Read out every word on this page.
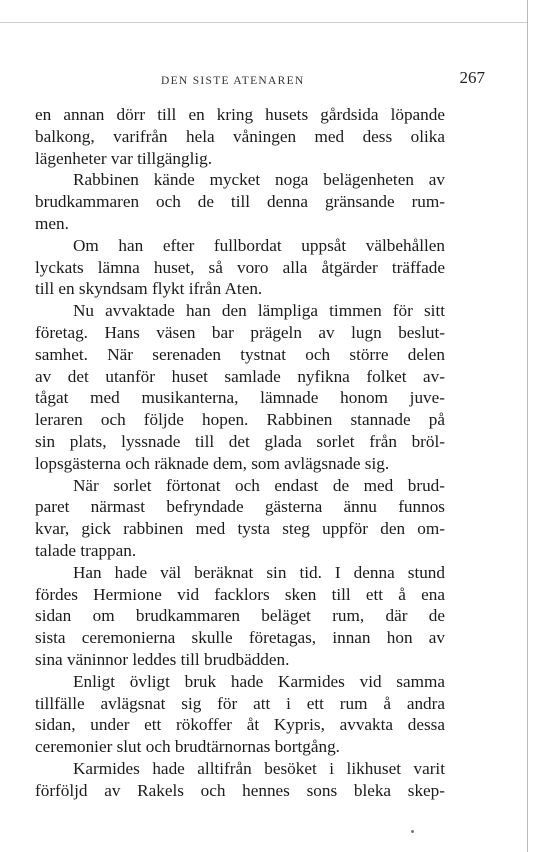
DEN SISTE ATENAREN	267
en annan dörr till en kring husets gårdsida löpande
balkong, varifrån hela våningen med dess olika
lägenheter var tillgänglig.
Rabbinen kände mycket noga belägenheten av
brudkammaren och de till denna gränsande rum-
men.
Om han efter fullbordat uppsåt välbehållen
lyckats lämna huset, så voro alla åtgärder träffade
till en skyndsam flykt ifrån Aten.
Nu avvaktade han den lämpliga timmen för sitt
företag. Hans väsen bar prägeln av lugn beslut-
samhet. När serenaden tystnat och större delen
av det utanför huset samlade nyfikna folket av-
tågat med musikanterna, lämnade honom juve-
leraren och följde hopen. Rabbinen stannade på
sin plats, lyssnade till det glada sorlet från bröl-
lopsgästerna och räknade dem, som avlägsnade sig.
När sorlet förtonat och endast de med brud-
paret närmast befryndade gästerna ännu funnos
kvar, gick rabbinen med tysta steg uppför den om-
talade trappan.
Han hade väl beräknat sin tid. I denna stund
fördes Hermione vid facklors sken till ett å ena
sidan om brudkammaren beläget rum, där de
sista ceremonierna skulle företagas, innan hon av
sina väninnor leddes till brudbädden.
Enligt övligt bruk hade Karmides vid samma
tillfälle avlägsnat sig för att i ett rum å andra
sidan, under ett rökoffer åt Kypris, avvakta dessa
ceremonier slut och brudtärnornas bortgång.
Karmides hade alltifrån besöket i likhuset varit
förföljd av Rakels och hennes sons bleka skep-
